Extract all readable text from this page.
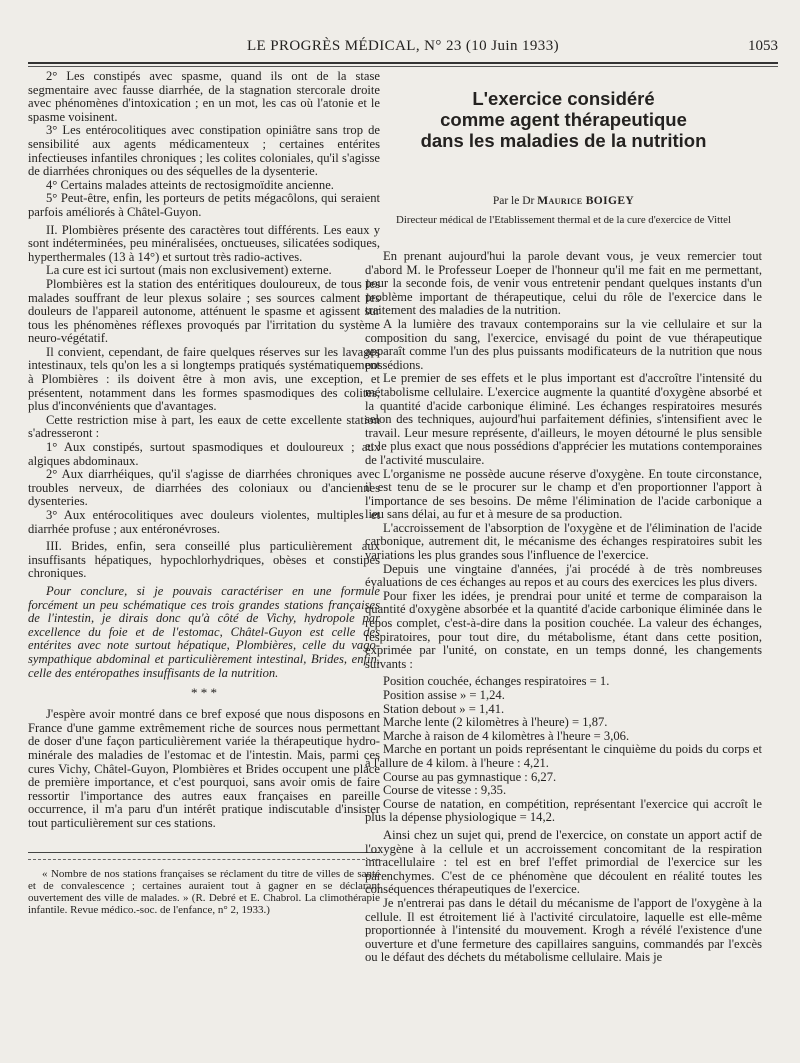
LE PROGRÈS MÉDICAL, N° 23 (10 Juin 1933)	1053

2° Les constipés avec spasme, quand ils ont de la stase segmentaire avec fausse diarrhée, de la stagnation stercorale droite avec phénomènes d'intoxication ; en un mot, les cas où l'atonie et le spasme voisinent.

3° Les entérocolitiques avec constipation opiniâtre sans trop de sensibilité aux agents médicamenteux ; certaines entérites infectieuses infantiles chroniques ; les colites coloniales, qu'il s'agisse de diarrhées chroniques ou des séquelles de la dysenterie.

4° Certains malades atteints de rectosigmoïdite ancienne.

5° Peut-être, enfin, les porteurs de petits mégacôlons, qui seraient parfois améliorés à Châtel-Guyon.

II. Plombières présente des caractères tout différents. Les eaux y sont indéterminées, peu minéralisées, onctueuses, silicatées sodiques, hyperthermales (13 à 14°) et surtout très radio-actives.

La cure est ici surtout (mais non exclusivement) externe.

Plombières est la station des entéritiques douloureux, de tous les malades souffrant de leur plexus solaire ; ses sources calment les douleurs de l'appareil autonome, atténuent le spasme et agissent sur tous les phénomènes réflexes provoqués par l'irritation du système neuro-végétatif.

Il convient, cependant, de faire quelques réserves sur les lavages intestinaux, tels qu'on les a si longtemps pratiqués systématiquement à Plombières : ils doivent être à mon avis, une exception, et présentent, notamment dans les formes spasmodiques des colites, plus d'inconvénients que d'avantages.

Cette restriction mise à part, les eaux de cette excellente station s'adresseront :

1° Aux constipés, surtout spasmodiques et douloureux ; aux algiques abdominaux.

2° Aux diarrhéiques, qu'il s'agisse de diarrhées chroniques avec troubles nerveux, de diarrhées des coloniaux ou d'anciennes dysenteries.

3° Aux entérocolitiques avec douleurs violentes, multiples et diarrhée profuse ; aux entéronévroses.

III. Brides, enfin, sera conseillé plus particulièrement aux insuffisants hépatiques, hypochlorhydriques, obèses et constipés chroniques.

Pour conclure, si je pouvais caractériser en une formule forcément un peu schématique ces trois grandes stations françaises de l'intestin, je dirais donc qu'à côté de Vichy, hydropole par excellence du foie et de l'estomac, Châtel-Guyon est celle des entérites avec note surtout hépatique, Plombières, celle du vago-sympathique abdominal et particulièrement intestinal, Brides, enfin, celle des entéropathes insuffisants de la nutrition.

* * *

J'espère avoir montré dans ce bref exposé que nous disposons en France d'une gamme extrêmement riche de sources nous permettant de doser d'une façon particulièrement variée la thérapeutique hydro-minérale des maladies de l'estomac et de l'intestin. Mais, parmi ces cures Vichy, Châtel-Guyon, Plombières et Brides occupent une place de première importance, et c'est pourquoi, sans avoir omis de faire ressortir l'importance des autres eaux françaises en pareille occurrence, il m'a paru d'un intérêt pratique indiscutable d'insister tout particulièrement sur ces stations.

« Nombre de nos stations françaises se réclament du titre de villes de santé et de convalescence ; certaines auraient tout à gagner en se déclarant ouvertement des ville de malades. » (R. Debré et E. Chabrol. La climothérapie infantile. Revue médico.-soc. de l'enfance, n° 2, 1933.)

L'exercice considéré
comme agent thérapeutique
dans les maladies de la nutrition

Par le Dr Maurice BOIGEY

Directeur médical de l'Etablissement thermal et de la cure d'exercice de Vittel

En prenant aujourd'hui la parole devant vous, je veux remercier tout d'abord M. le Professeur Loeper de l'honneur qu'il me fait en me permettant, pour la seconde fois, de venir vous entretenir pendant quelques instants d'un problème important de thérapeutique, celui du rôle de l'exercice dans le traitement des maladies de la nutrition.

A la lumière des travaux contemporains sur la vie cellulaire et sur la composition du sang, l'exercice, envisagé du point de vue thérapeutique apparaît comme l'un des plus puissants modificateurs de la nutrition que nous possédions.

Le premier de ses effets et le plus important est d'accroître l'intensité du métabolisme cellulaire. L'exercice augmente la quantité d'oxygène absorbé et la quantité d'acide carbonique éliminé. Les échanges respiratoires mesurés selon des techniques, aujourd'hui parfaitement définies, s'intensifient avec le travail. Leur mesure représente, d'ailleurs, le moyen détourné le plus sensible et le plus exact que nous possédions d'apprécier les mutations contemporaines de l'activité musculaire.

L'organisme ne possède aucune réserve d'oxygène. En toute circonstance, il est tenu de se le procurer sur le champ et d'en proportionner l'apport à l'importance de ses besoins. De même l'élimination de l'acide carbonique a lieu sans délai, au fur et à mesure de sa production.

L'accroissement de l'absorption de l'oxygène et de l'élimination de l'acide carbonique, autrement dit, le mécanisme des échanges respiratoires subit les variations les plus grandes sous l'influence de l'exercice.

Depuis une vingtaine d'années, j'ai procédé à de très nombreuses évaluations de ces échanges au repos et au cours des exercices les plus divers.

Pour fixer les idées, je prendrai pour unité et terme de comparaison la quantité d'oxygène absorbée et la quantité d'acide carbonique éliminée dans le repos complet, c'est-à-dire dans la position couchée. La valeur des échanges, respiratoires, pour tout dire, du métabolisme, étant dans cette position, exprimée par l'unité, on constate, en un temps donné, les changements suivants :

Position couchée, échanges respiratoires = 1.
Position assise » = 1,24.
Station debout » = 1,41.
Marche lente (2 kilomètres à l'heure) = 1,87.
Marche à raison de 4 kilomètres à l'heure = 3,06.

Marche en portant un poids représentant le cinquième du poids du corps et à l'allure de 4 kilom. à l'heure : 4,21.

Course au pas gymnastique : 6,27.

Course de vitesse : 9,35.

Course de natation, en compétition, représentant l'exercice qui accroît le plus la dépense physiologique = 14,2.

Ainsi chez un sujet qui, prend de l'exercice, on constate un apport actif de l'oxygène à la cellule et un accroissement concomitant de la respiration intracellulaire : tel est en bref l'effet primordial de l'exercice sur les parenchymes. C'est de ce phénomène que découlent en réalité toutes les conséquences thérapeutiques de l'exercice.

Je n'entrerai pas dans le détail du mécanisme de l'apport de l'oxygène à la cellule. Il est étroitement lié à l'activité circulatoire, laquelle est elle-même proportionnée à l'intensité du mouvement. Krogh a révélé l'existence d'une ouverture et d'une fermeture des capillaires sanguins, commandés par l'excès ou le défaut des déchets du métabolisme cellulaire. Mais je
